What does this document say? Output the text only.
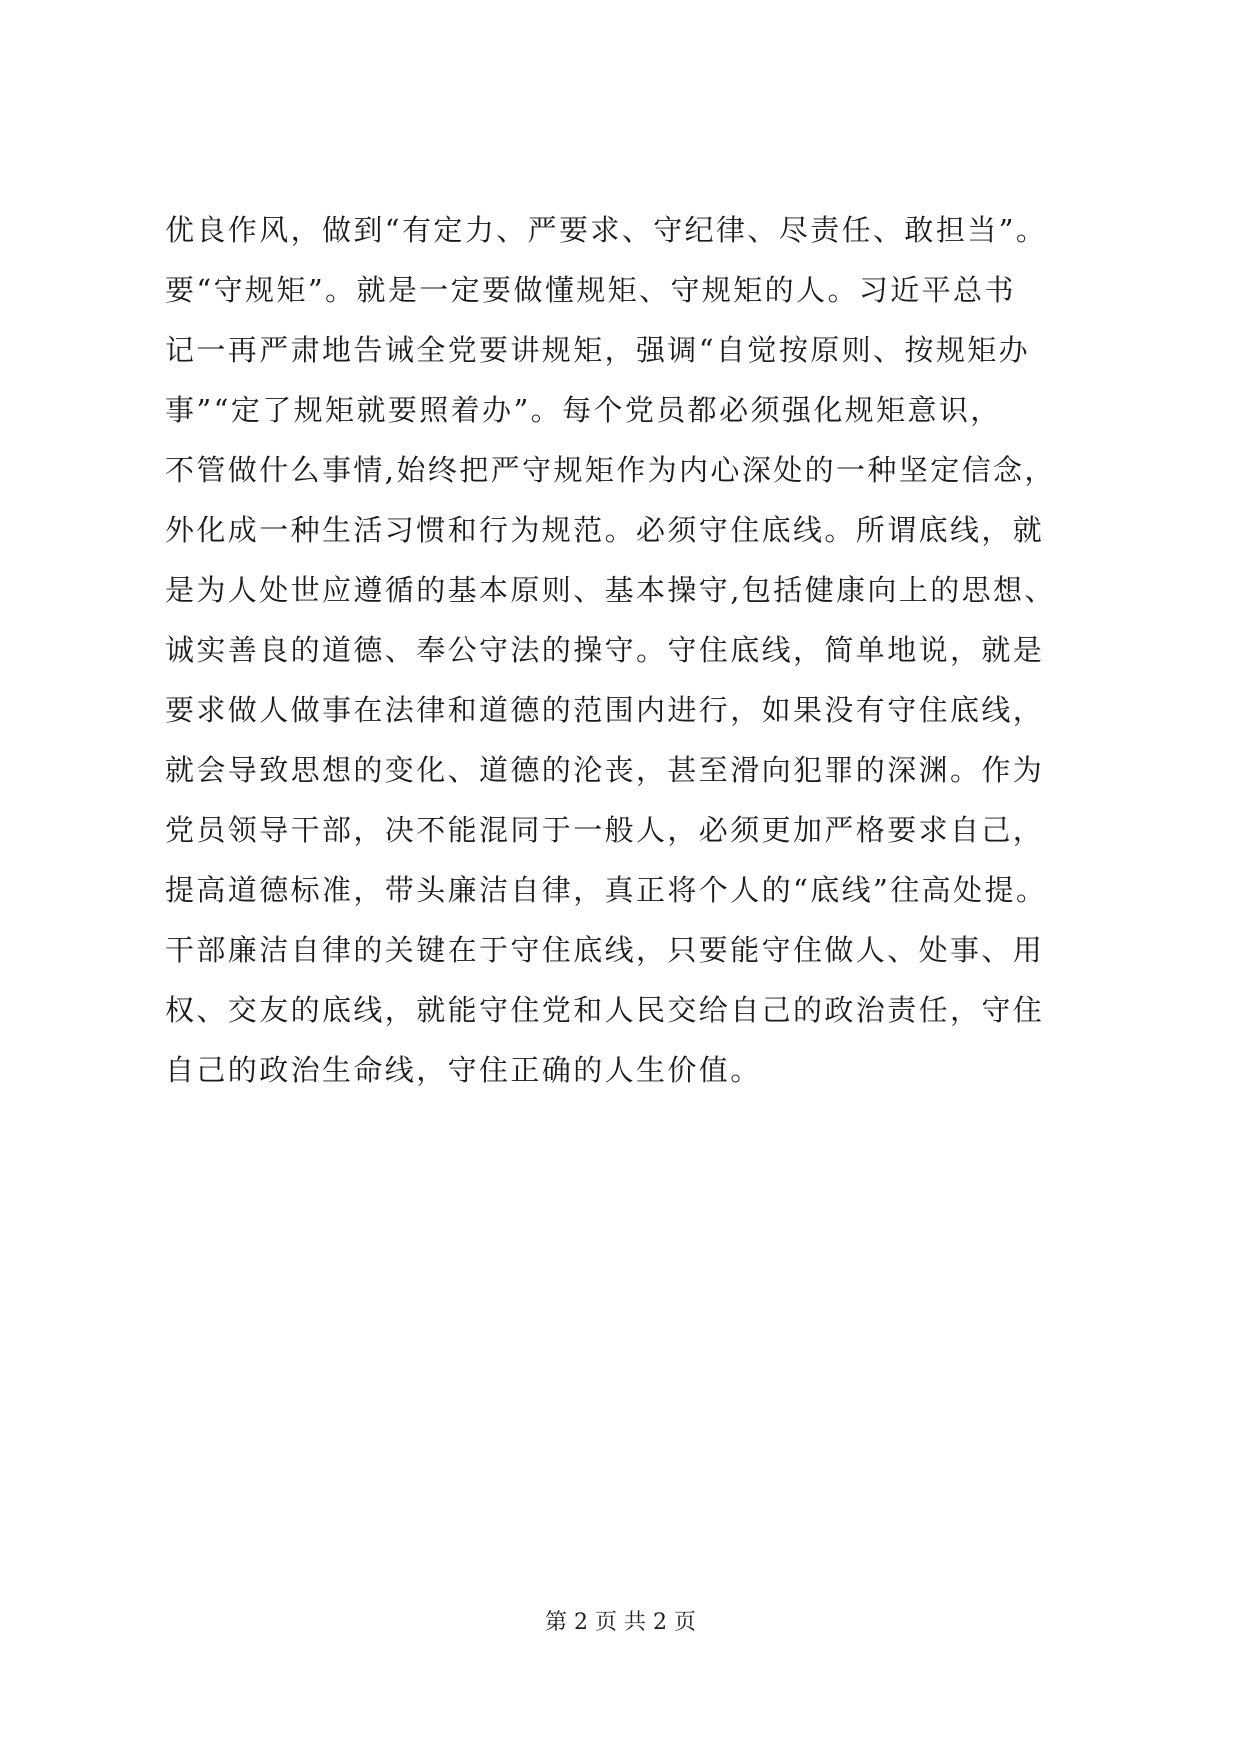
优良作风，做到“有定力、严要求、守纪律、尽责任、敢担当”。
要“守规矩”。就是一定要做懂规矩、守规矩的人。习近平总书
记一再严肃地告诫全党要讲规矩，强调“自觉按原则、按规矩办
事”“定了规矩就要照着办”。每个党员都必须强化规矩意识，
不管做什么事情,始终把严守规矩作为内心深处的一种坚定信念，
外化成一种生活习惯和行为规范。必须守住底线。所谓底线，就
是为人处世应遵循的基本原则、基本操守,包括健康向上的思想、
诚实善良的道德、奉公守法的操守。守住底线，简单地说，就是
要求做人做事在法律和道德的范围内进行，如果没有守住底线，
就会导致思想的变化、道德的沦丧，甚至滑向犯罪的深渊。作为
党员领导干部，决不能混同于一般人，必须更加严格要求自己，
提高道德标准，带头廉洁自律，真正将个人的“底线”往高处提。
干部廉洁自律的关键在于守住底线，只要能守住做人、处事、用
权、交友的底线，就能守住党和人民交给自己的政治责任，守住
自己的政治生命线，守住正确的人生价值。
第 2 页 共 2 页
